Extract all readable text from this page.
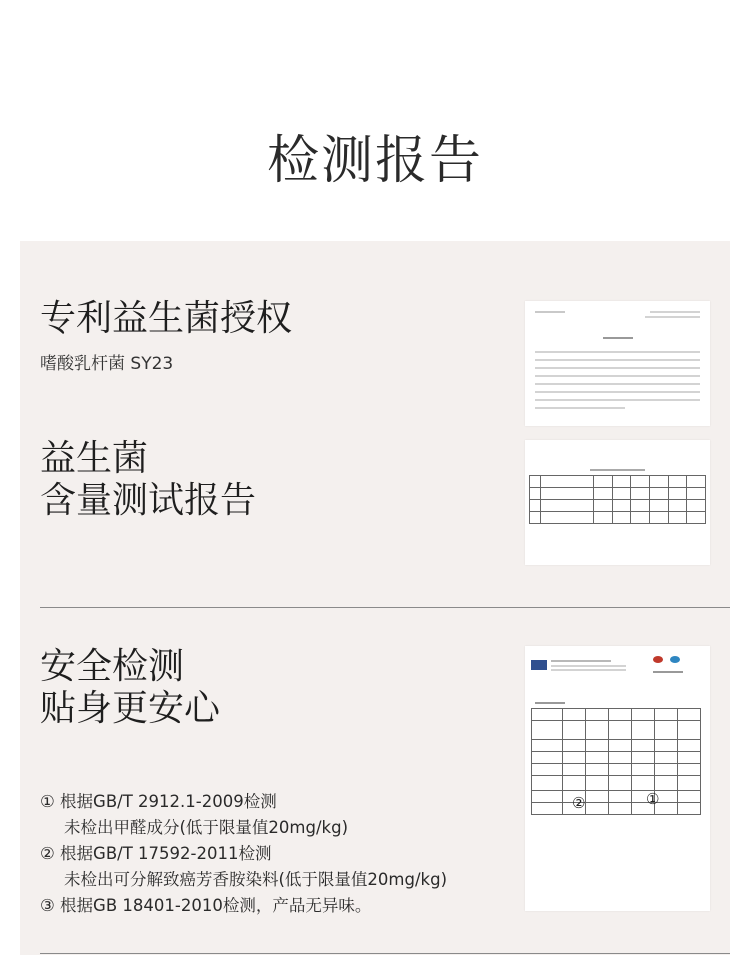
检测报告
专利益生菌授权
嗜酸乳杆菌 SY23
益生菌
含量测试报告

安全检测
贴身更安心

②	①
① 根据GB/T 2912.1-2009检测
未检出甲醛成分(低于限量值20mg/kg)
② 根据GB/T 17592-2011检测
未检出可分解致癌芳香胺染料(低于限量值20mg/kg)
③ 根据GB 18401-2010检测，产品无异味。
